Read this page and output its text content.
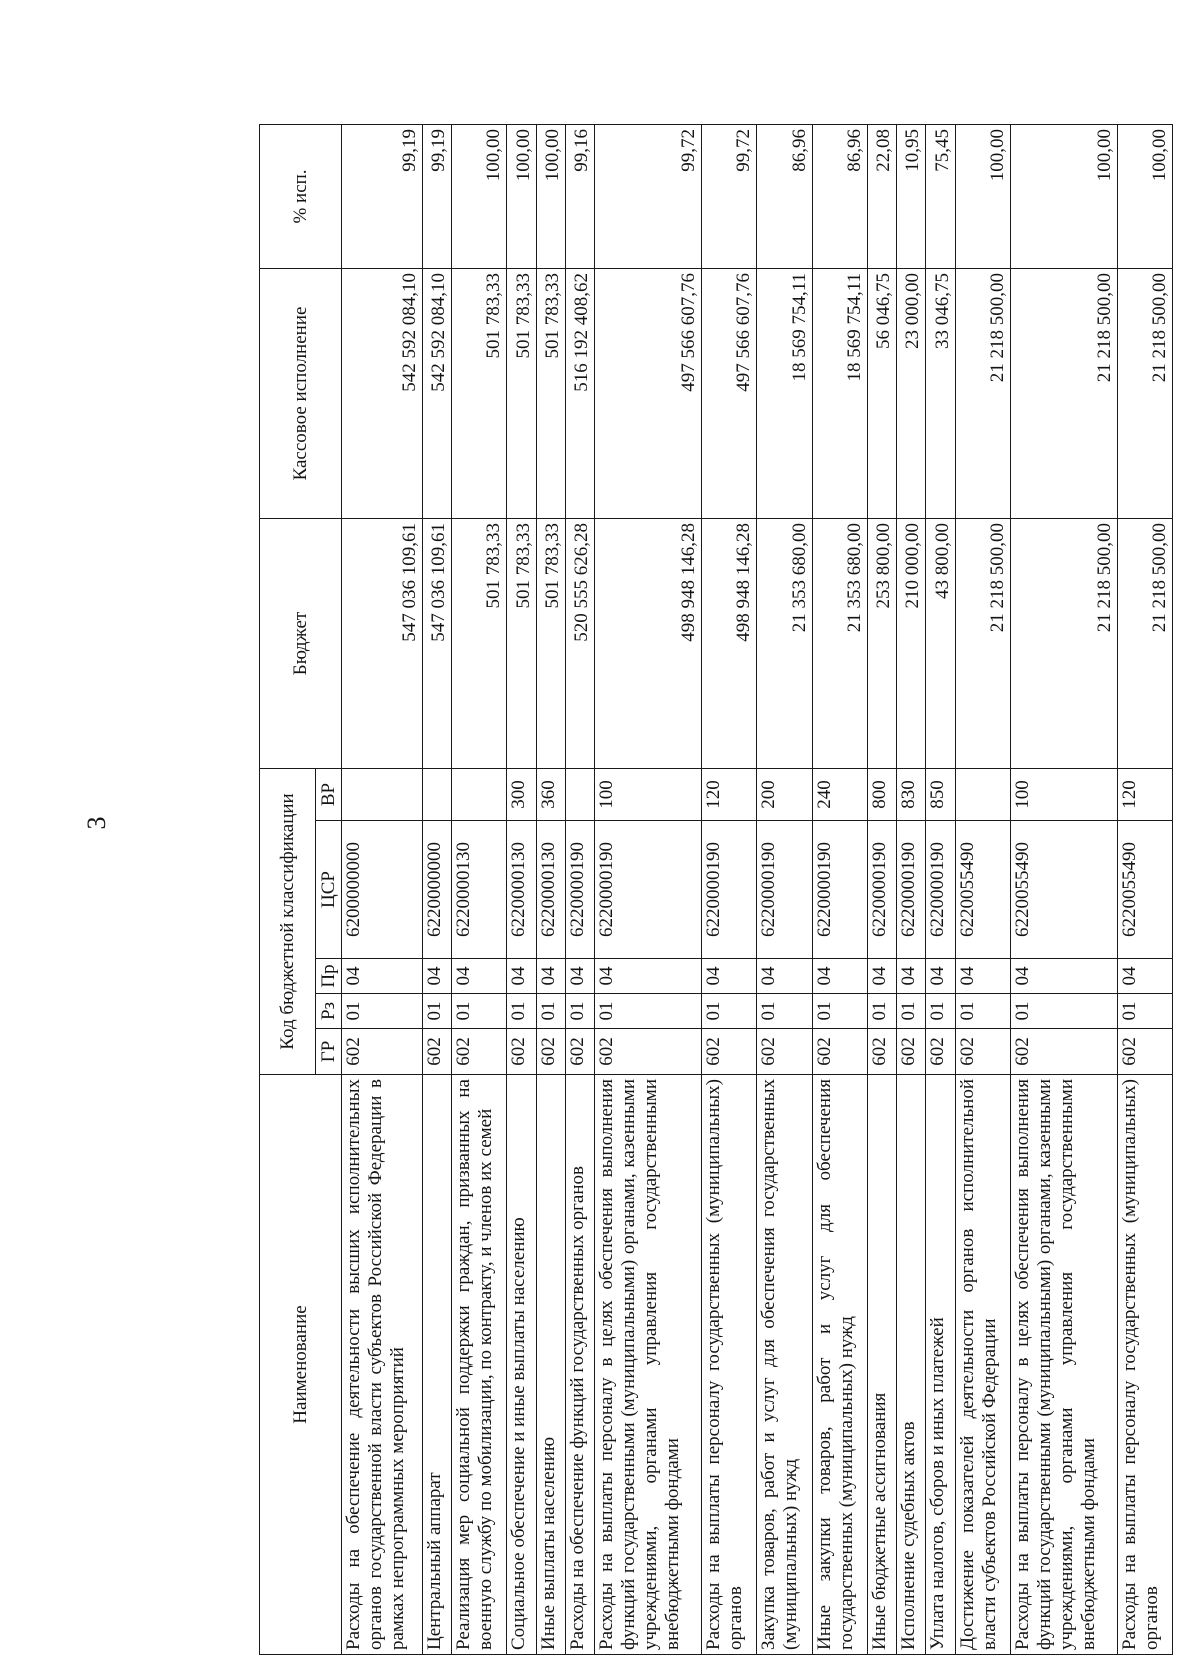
3
Наименование	Код бюджетной классификации					Бюджет	Кассовое исполнение	% исп.
	ГР	Рз	Пр	ЦСР	ВР			
Расходы на обеспечение деятельности высших исполнительных органов государственной власти субъектов Российской Федерации в рамках непрограммных мероприятий	602	01	04	6200000000		547 036 109,61	542 592 084,10	99,19
Центральный аппарат	602	01	04	6220000000		547 036 109,61	542 592 084,10	99,19
Реализация мер социальной поддержки граждан, призванных на военную службу по мобилизации, по контракту, и членов их семей	602	01	04	6220000130		501 783,33	501 783,33	100,00
Социальное обеспечение и иные выплаты населению	602	01	04	6220000130	300	501 783,33	501 783,33	100,00
Иные выплаты населению	602	01	04	6220000130	360	501 783,33	501 783,33	100,00
Расходы на обеспечение функций государственных органов	602	01	04	6220000190		520 555 626,28	516 192 408,62	99,16
Расходы на выплаты персоналу в целях обеспечения выполнения функций государственными (муниципальными) органами, казенными учреждениями, органами управления государственными внебюджетными фондами	602	01	04	6220000190	100	498 948 146,28	497 566 607,76	99,72
Расходы на выплаты персоналу государственных (муниципальных) органов	602	01	04	6220000190	120	498 948 146,28	497 566 607,76	99,72
Закупка товаров, работ и услуг для обеспечения государственных (муниципальных) нужд	602	01	04	6220000190	200	21 353 680,00	18 569 754,11	86,96
Иные закупки товаров, работ и услуг для обеспечения государственных (муниципальных) нужд	602	01	04	6220000190	240	21 353 680,00	18 569 754,11	86,96
Иные бюджетные ассигнования	602	01	04	6220000190	800	253 800,00	56 046,75	22,08
Исполнение судебных актов	602	01	04	6220000190	830	210 000,00	23 000,00	10,95
Уплата налогов, сборов и иных платежей	602	01	04	6220000190	850	43 800,00	33 046,75	75,45
Достижение показателей деятельности органов исполнительной власти субъектов Российской Федерации	602	01	04	6220055490		21 218 500,00	21 218 500,00	100,00
Расходы на выплаты персоналу в целях обеспечения выполнения функций государственными (муниципальными) органами, казенными учреждениями, органами управления государственными внебюджетными фондами	602	01	04	6220055490	100	21 218 500,00	21 218 500,00	100,00
Расходы на выплаты персоналу государственных (муниципальных) органов	602	01	04	6220055490	120	21 218 500,00	21 218 500,00	100,00
